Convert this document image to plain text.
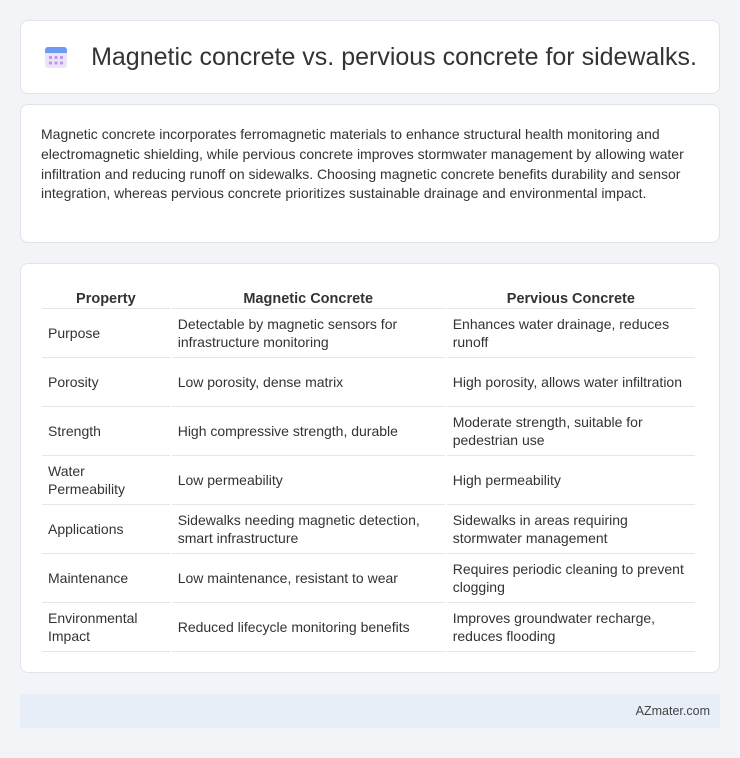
Magnetic concrete vs. pervious concrete for sidewalks.

Magnetic concrete incorporates ferromagnetic materials to enhance structural health monitoring and electromagnetic shielding, while pervious concrete improves stormwater management by allowing water infiltration and reducing runoff on sidewalks. Choosing magnetic concrete benefits durability and sensor integration, whereas pervious concrete prioritizes sustainable drainage and environmental impact.

Property	Magnetic Concrete	Pervious Concrete
Purpose	Detectable by magnetic sensors for infrastructure monitoring	Enhances water drainage, reduces runoff
Porosity	Low porosity, dense matrix	High porosity, allows water infiltration
Strength	High compressive strength, durable	Moderate strength, suitable for pedestrian use
Water Permeability	Low permeability	High permeability
Applications	Sidewalks needing magnetic detection, smart infrastructure	Sidewalks in areas requiring stormwater management
Maintenance	Low maintenance, resistant to wear	Requires periodic cleaning to prevent clogging
Environmental Impact	Reduced lifecycle monitoring benefits	Improves groundwater recharge, reduces flooding
AZmater.com
